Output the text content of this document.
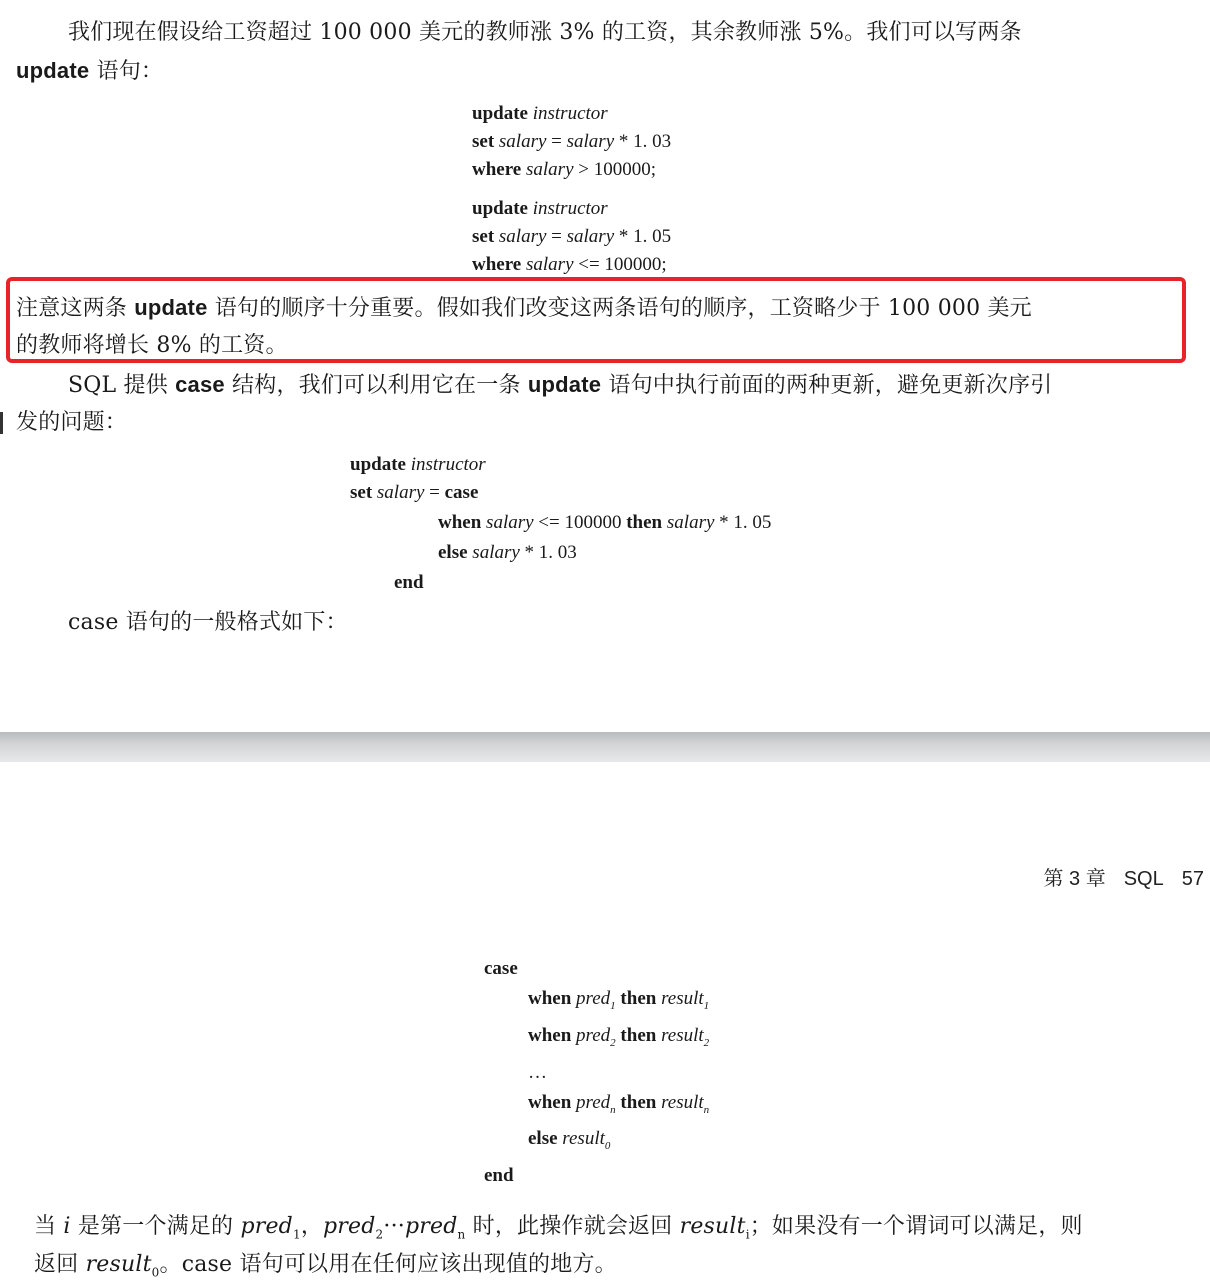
我们现在假设给工资超过 100 000 美元的教师涨 3% 的工资，其余教师涨 5%。我们可以写两条

update 语句：

update instructor
set salary = salary * 1. 03
where salary > 100000;
update instructor
set salary = salary * 1. 05
where salary <= 100000;

注意这两条 update 语句的顺序十分重要。假如我们改变这两条语句的顺序，工资略少于 100 000 美元

的教师将增长 8% 的工资。

SQL 提供 case 结构，我们可以利用它在一条 update 语句中执行前面的两种更新，避免更新次序引

发的问题：

update instructor
set salary = case
when salary <= 100000 then salary * 1. 05
else salary * 1. 03
end

case 语句的一般格式如下：

第 3 章 SQL 57
case
when pred$_1$ then result$_1$
when pred$_2$ then result$_2$
…
when pred$_n$ then result$_n$
else result$_0$
end

当 i 是第一个满足的 pred$_1$，pred$_2$···pred$_n$ 时，此操作就会返回 result$_i$；如果没有一个谓词可以满足，则

返回 result$_0$。case 语句可以用在任何应该出现值的地方。
